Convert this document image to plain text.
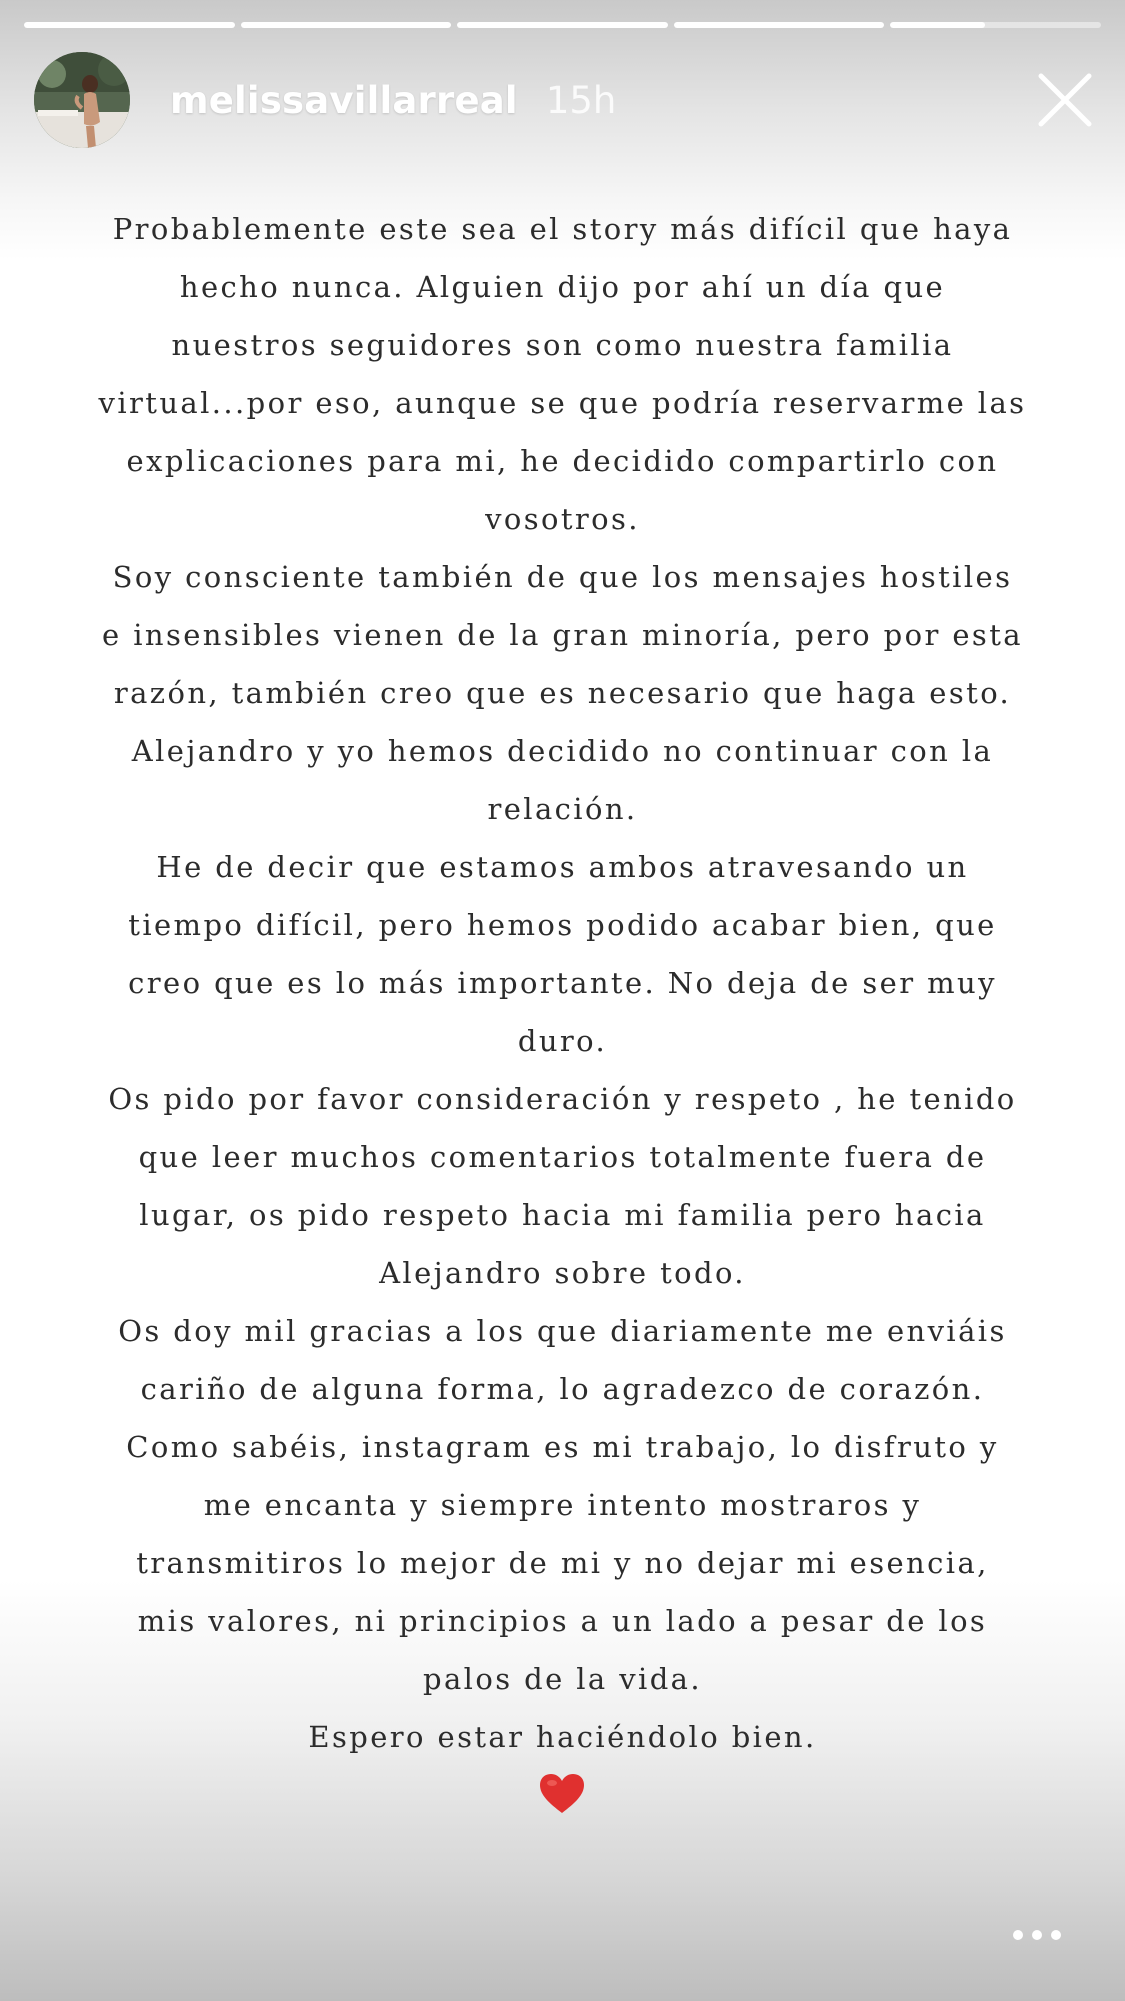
melissavillarreal 15h
Probablemente este sea el story más difícil que haya
hecho nunca. Alguien dijo por ahí un día que
nuestros seguidores son como nuestra familia
virtual...por eso, aunque se que podría reservarme las
explicaciones para mi, he decidido compartirlo con
vosotros.
Soy consciente también de que los mensajes hostiles
e insensibles vienen de la gran minoría, pero por esta
razón, también creo que es necesario que haga esto.
Alejandro y yo hemos decidido no continuar con la
relación.
He de decir que estamos ambos atravesando un
tiempo difícil, pero hemos podido acabar bien, que
creo que es lo más importante. No deja de ser muy
duro.
Os pido por favor consideración y respeto , he tenido
que leer muchos comentarios totalmente fuera de
lugar, os pido respeto hacia mi familia pero hacia
Alejandro sobre todo.
Os doy mil gracias a los que diariamente me enviáis
cariño de alguna forma, lo agradezco de corazón.
Como sabéis, instagram es mi trabajo, lo disfruto y
me encanta y siempre intento mostraros y
transmitiros lo mejor de mi y no dejar mi esencia,
mis valores, ni principios a un lado a pesar de los
palos de la vida.
Espero estar haciéndolo bien.
